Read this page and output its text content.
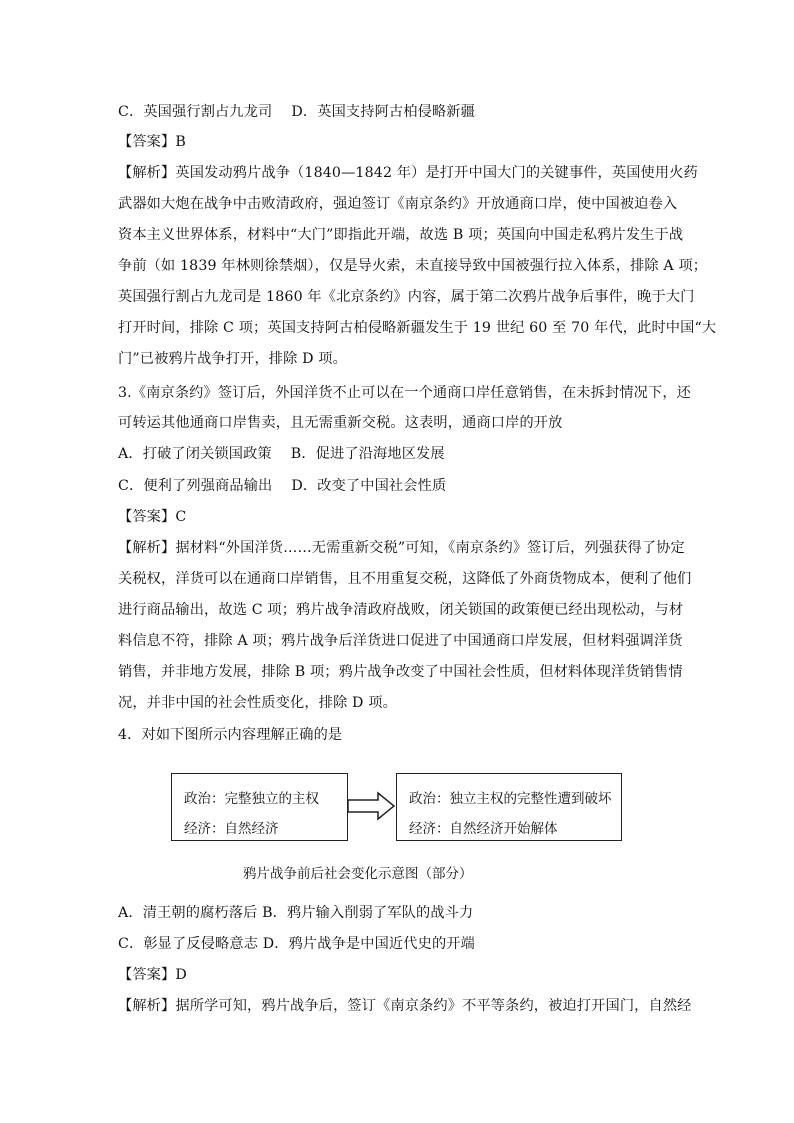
C．英国强行割占九龙司　 D．英国支持阿古柏侵略新疆
【答案】B
【解析】英国发动鸦片战争（1840—1842 年）是打开中国大门的关键事件，英国使用火药
武器如大炮在战争中击败清政府，强迫签订《南京条约》开放通商口岸，使中国被迫卷入
资本主义世界体系，材料中“大门”即指此开端，故选 B 项；英国向中国走私鸦片发生于战
争前（如 1839 年林则徐禁烟），仅是导火索，未直接导致中国被强行拉入体系，排除 A 项；
英国强行割占九龙司是 1860 年《北京条约》内容，属于第二次鸦片战争后事件，晚于大门
打开时间，排除 C 项；英国支持阿古柏侵略新疆发生于 19 世纪 60 至 70 年代，此时中国“大
门”已被鸦片战争打开，排除 D 项。
3.《南京条约》签订后，外国洋货不止可以在一个通商口岸任意销售，在未拆封情况下，还
可转运其他通商口岸售卖，且无需重新交税。这表明，通商口岸的开放
A．打破了闭关锁国政策　 B．促进了沿海地区发展
C．便利了列强商品输出　 D．改变了中国社会性质
【答案】C
【解析】据材料“外国洋货……无需重新交税”可知，《南京条约》签订后，列强获得了协定
关税权，洋货可以在通商口岸销售，且不用重复交税，这降低了外商货物成本，便利了他们
进行商品输出，故选 C 项；鸦片战争清政府战败，闭关锁国的政策便已经出现松动，与材
料信息不符，排除 A 项；鸦片战争后洋货进口促进了中国通商口岸发展，但材料强调洋货
销售，并非地方发展，排除 B 项；鸦片战争改变了中国社会性质，但材料体现洋货销售情
况，并非中国的社会性质变化，排除 D 项。
4．对如下图所示内容理解正确的是
政治：完整独立的主权
经济：自然经济
政治：独立主权的完整性遭到破坏
经济：自然经济开始解体
鸦片战争前后社会变化示意图（部分）
A．清王朝的腐朽落后 B．鸦片输入削弱了军队的战斗力
C．彰显了反侵略意志 D．鸦片战争是中国近代史的开端
【答案】D
【解析】据所学可知，鸦片战争后，签订《南京条约》不平等条约，被迫打开国门，自然经
